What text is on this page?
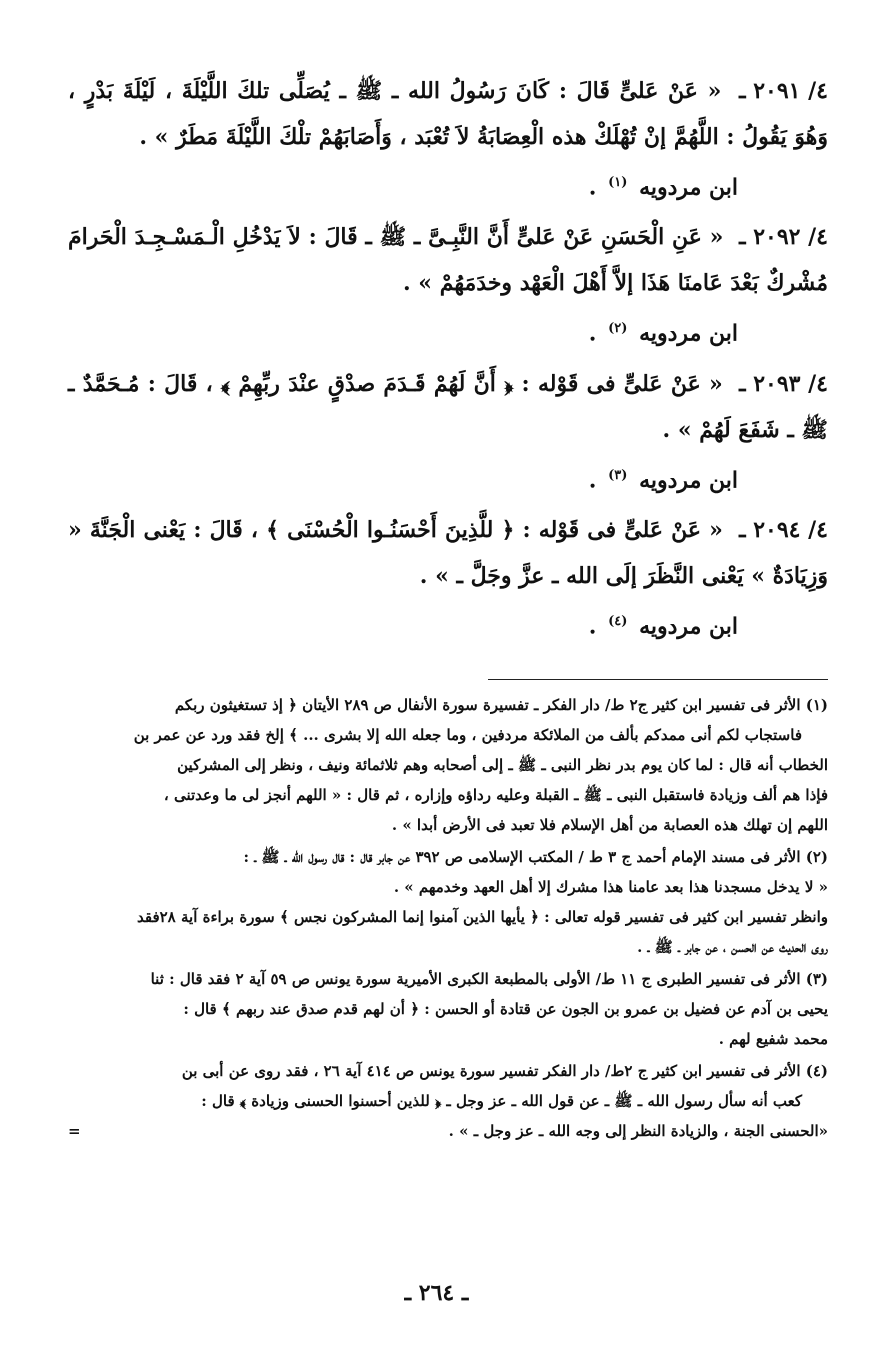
٤/ ٢٠٩١ ـ « عَنْ عَلىٍّ قَالَ : كَانَ رَسُولُ الله ـ ﷺ ـ يُصَلِّى تلكَ اللَّيْلَةَ ، لَيْلَةَ بَدْرٍ ، وَهُوَ يَقُولُ : اللَّهُمَّ إنْ تُهْلَكْ هذه الْعِصَابَةُ لاَ تُعْبَد ، وَأَصَابَهُمْ تلْكَ اللَّيْلَةَ مَطَرٌ » .

ابن مردويه $^{(١)}$ .

٤/ ٢٠٩٢ ـ « عَنِ الْحَسَنِ عَنْ عَلىٍّ أَنَّ النَّبِـىَّ ـ ﷺ ـ قَالَ : لاَ يَدْخُلِ الْـمَسْـجِـدَ الْحَرامَ مُشْركٌ بَعْدَ عَامنَا هَذَا إلاَّ أَهْلَ الْعَهْد وخدَمَهُمْ » .

ابن مردويه $^{(٢)}$ .

٤/ ٢٠٩٣ ـ « عَنْ عَلىٍّ فى قَوْله : ﴿ أَنَّ لَهُمْ قَـدَمَ صدْقٍ عنْدَ ربِّهِمْ ﴾ ، قَالَ : مُـحَمَّدٌ ـ ﷺ ـ شَفَعَ لَهُمْ » .

ابن مردويه $^{(٣)}$ .

٤/ ٢٠٩٤ ـ « عَنْ عَلىٍّ فى قَوْله : ﴿ للَّذِينَ أَحْسَنُـوا الْحُسْنَى ﴾ ، قَالَ : يَعْنى الْجَنَّةَ « وَزِيَادَةٌ » يَعْنى النَّظَرَ إلَى الله ـ عزَّ وجَلَّ ـ » .

ابن مردويه $^{(٤)}$ .

(١) الأثر فى تفسير ابن كثير ج٢ ط/ دار الفكر ـ تفسيرة سورة الأنفال ص ٢٨٩ الأيتان ﴿ إذ تستغيثون ربكم
فاستجاب لكم أنى ممدكم بألف من الملائكة مردفين ، وما جعله الله إلا بشرى ... ﴾ إلخ فقد ورد عن عمر بن
الخطاب أنه قال : لما كان يوم بدر نظر النبى ـ ﷺ ـ إلى أصحابه وهم ثلاثمائة ونيف ، ونظر إلى المشركين
فإذا هم ألف وزيادة فاستقبل النبى ـ ﷺ ـ القبلة وعليه رداؤه وإزاره ، ثم قال : « اللهم أنجز لى ما وعدتنى ،
اللهم إن تهلك هذه العصابة من أهل الإسلام فلا تعبد فى الأرض أبدا » .
(٢) الأثر فى مسند الإمام أحمد ج ٣ ط / المكتب الإسلامى ص ٣٩٢ عن جابر قال : قال رسول الله ـ ﷺ ـ :
« لا يدخل مسجدنا هذا بعد عامنا هذا مشرك إلا أهل العهد وخدمهم » .
وانظر تفسير ابن كثير فى تفسير قوله تعالى : ﴿ يأيها الذين آمنوا إنما المشركون نجس ﴾ سورة براءة آية ٢٨فقد
روى الحديث عن الحسن ، عن جابر ـ ﷺ ـ .
(٣) الأثر فى تفسير الطبرى ج ١١ ط/ الأولى بالمطبعة الكبرى الأميرية سورة يونس ص ٥٩ آية ٢ فقد قال : ثنا
يحيى بن آدم عن فضيل بن عمرو بن الجون عن قتادة أو الحسن : ﴿ أن لهم قدم صدق عند ربهم ﴾ قال :
محمد شفيع لهم .
(٤) الأثر فى تفسير ابن كثير ج ٢ط/ دار الفكر تفسير سورة يونس ص ٤١٤ آية ٢٦ ، فقد روى عن أبى بن
كعب أنه سأل رسول الله ـ ﷺ ـ عن قول الله ـ عز وجل ـ ﴿ للذين أحسنوا الحسنى وزيادة ﴾ قال :
«الحسنى الجنة ، والزيادة النظر إلى وجه الله ـ عز وجل ـ » .
=
ـ ٢٦٤ ـ
